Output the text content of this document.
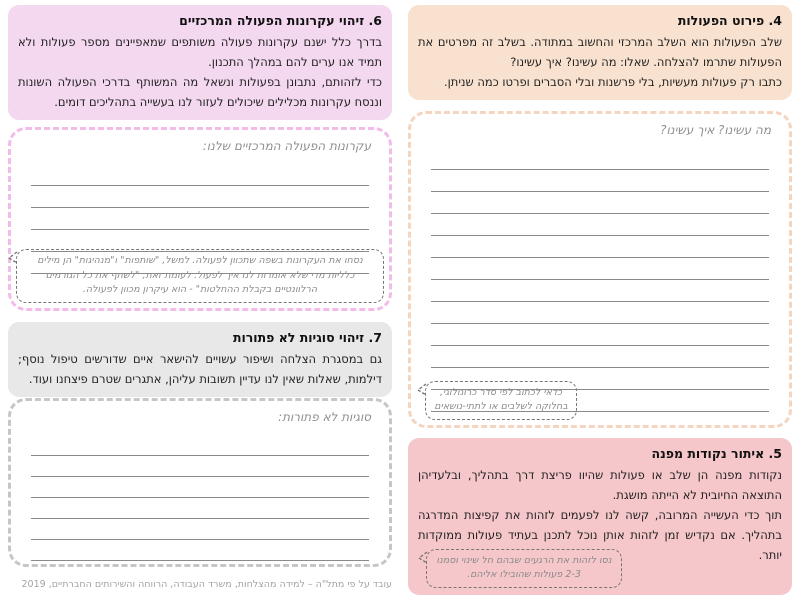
4. פירוט הפעולות

שלב הפעולות הוא השלב המרכזי והחשוב במתודה. בשלב זה מפרטים את הפעולות שתרמו להצלחה. שאלו: מה עשינו? איך עשינו?

כתבו רק פעולות מעשיות, בלי פרשנות ובלי הסברים ופרטו כמה שניתן.

מה עשינו? איך עשינו?
כדאי לכתוב לפי סדר כרונולוגי, בחלוקה לשלבים או לתתי-נושאים
5. איתור נקודות מפנה

נקודות מפנה הן שלב או פעולות שהיוו פריצת דרך בתהליך, ובלעדיהן התוצאה החיובית לא הייתה מושגת.

תוך כדי העשייה המרובה, קשה לנו לפעמים לזהות את קפיצות המדרגה בתהליך. אם נקדיש זמן לזהות אותן נוכל לתכנן בעתיד פעולות ממוקדות יותר.

נסו לזהות את הרגעים שבהם חל שינוי וסמנו 2-3 פעולות שהובילו אליהם.
6. זיהוי עקרונות הפעולה המרכזיים

בדרך כלל ישנם עקרונות פעולה משותפים שמאפיינים מספר פעולות ולא תמיד אנו ערים להם במהלך התכנון.

כדי לזהותם, נתבונן בפעולות ונשאל מה המשותף בדרכי הפעולה השונות וננסח עקרונות מכלילים שיכולים לעזור לנו בעשייה בתהליכים דומים.

עקרונות הפעולה המרכזיים שלנו:
נסחו את העקרונות בשפה שתכוון לפעולה. למשל, "שותפות" ו"מנהיגות" הן מילים כלליות מדי שלא אומרות לנו איך לפעול. לעומת זאת, "לשתף את כל הגורמים הרלוונטיים בקבלת ההחלטות" - הוא עיקרון מכוון לפעולה.
7. זיהוי סוגיות לא פתורות

גם במסגרת הצלחה ושיפור עשויים להישאר איים שדורשים טיפול נוסף; דילמות, שאלות שאין לנו עדיין תשובות עליהן, אתגרים שטרם פיצחנו ועוד.

סוגיות לא פתורות:
עובד על פי מתל"ה – למידה מהצלחות, משרד העבודה, הרווחה והשירותים החברתיים, 2019
